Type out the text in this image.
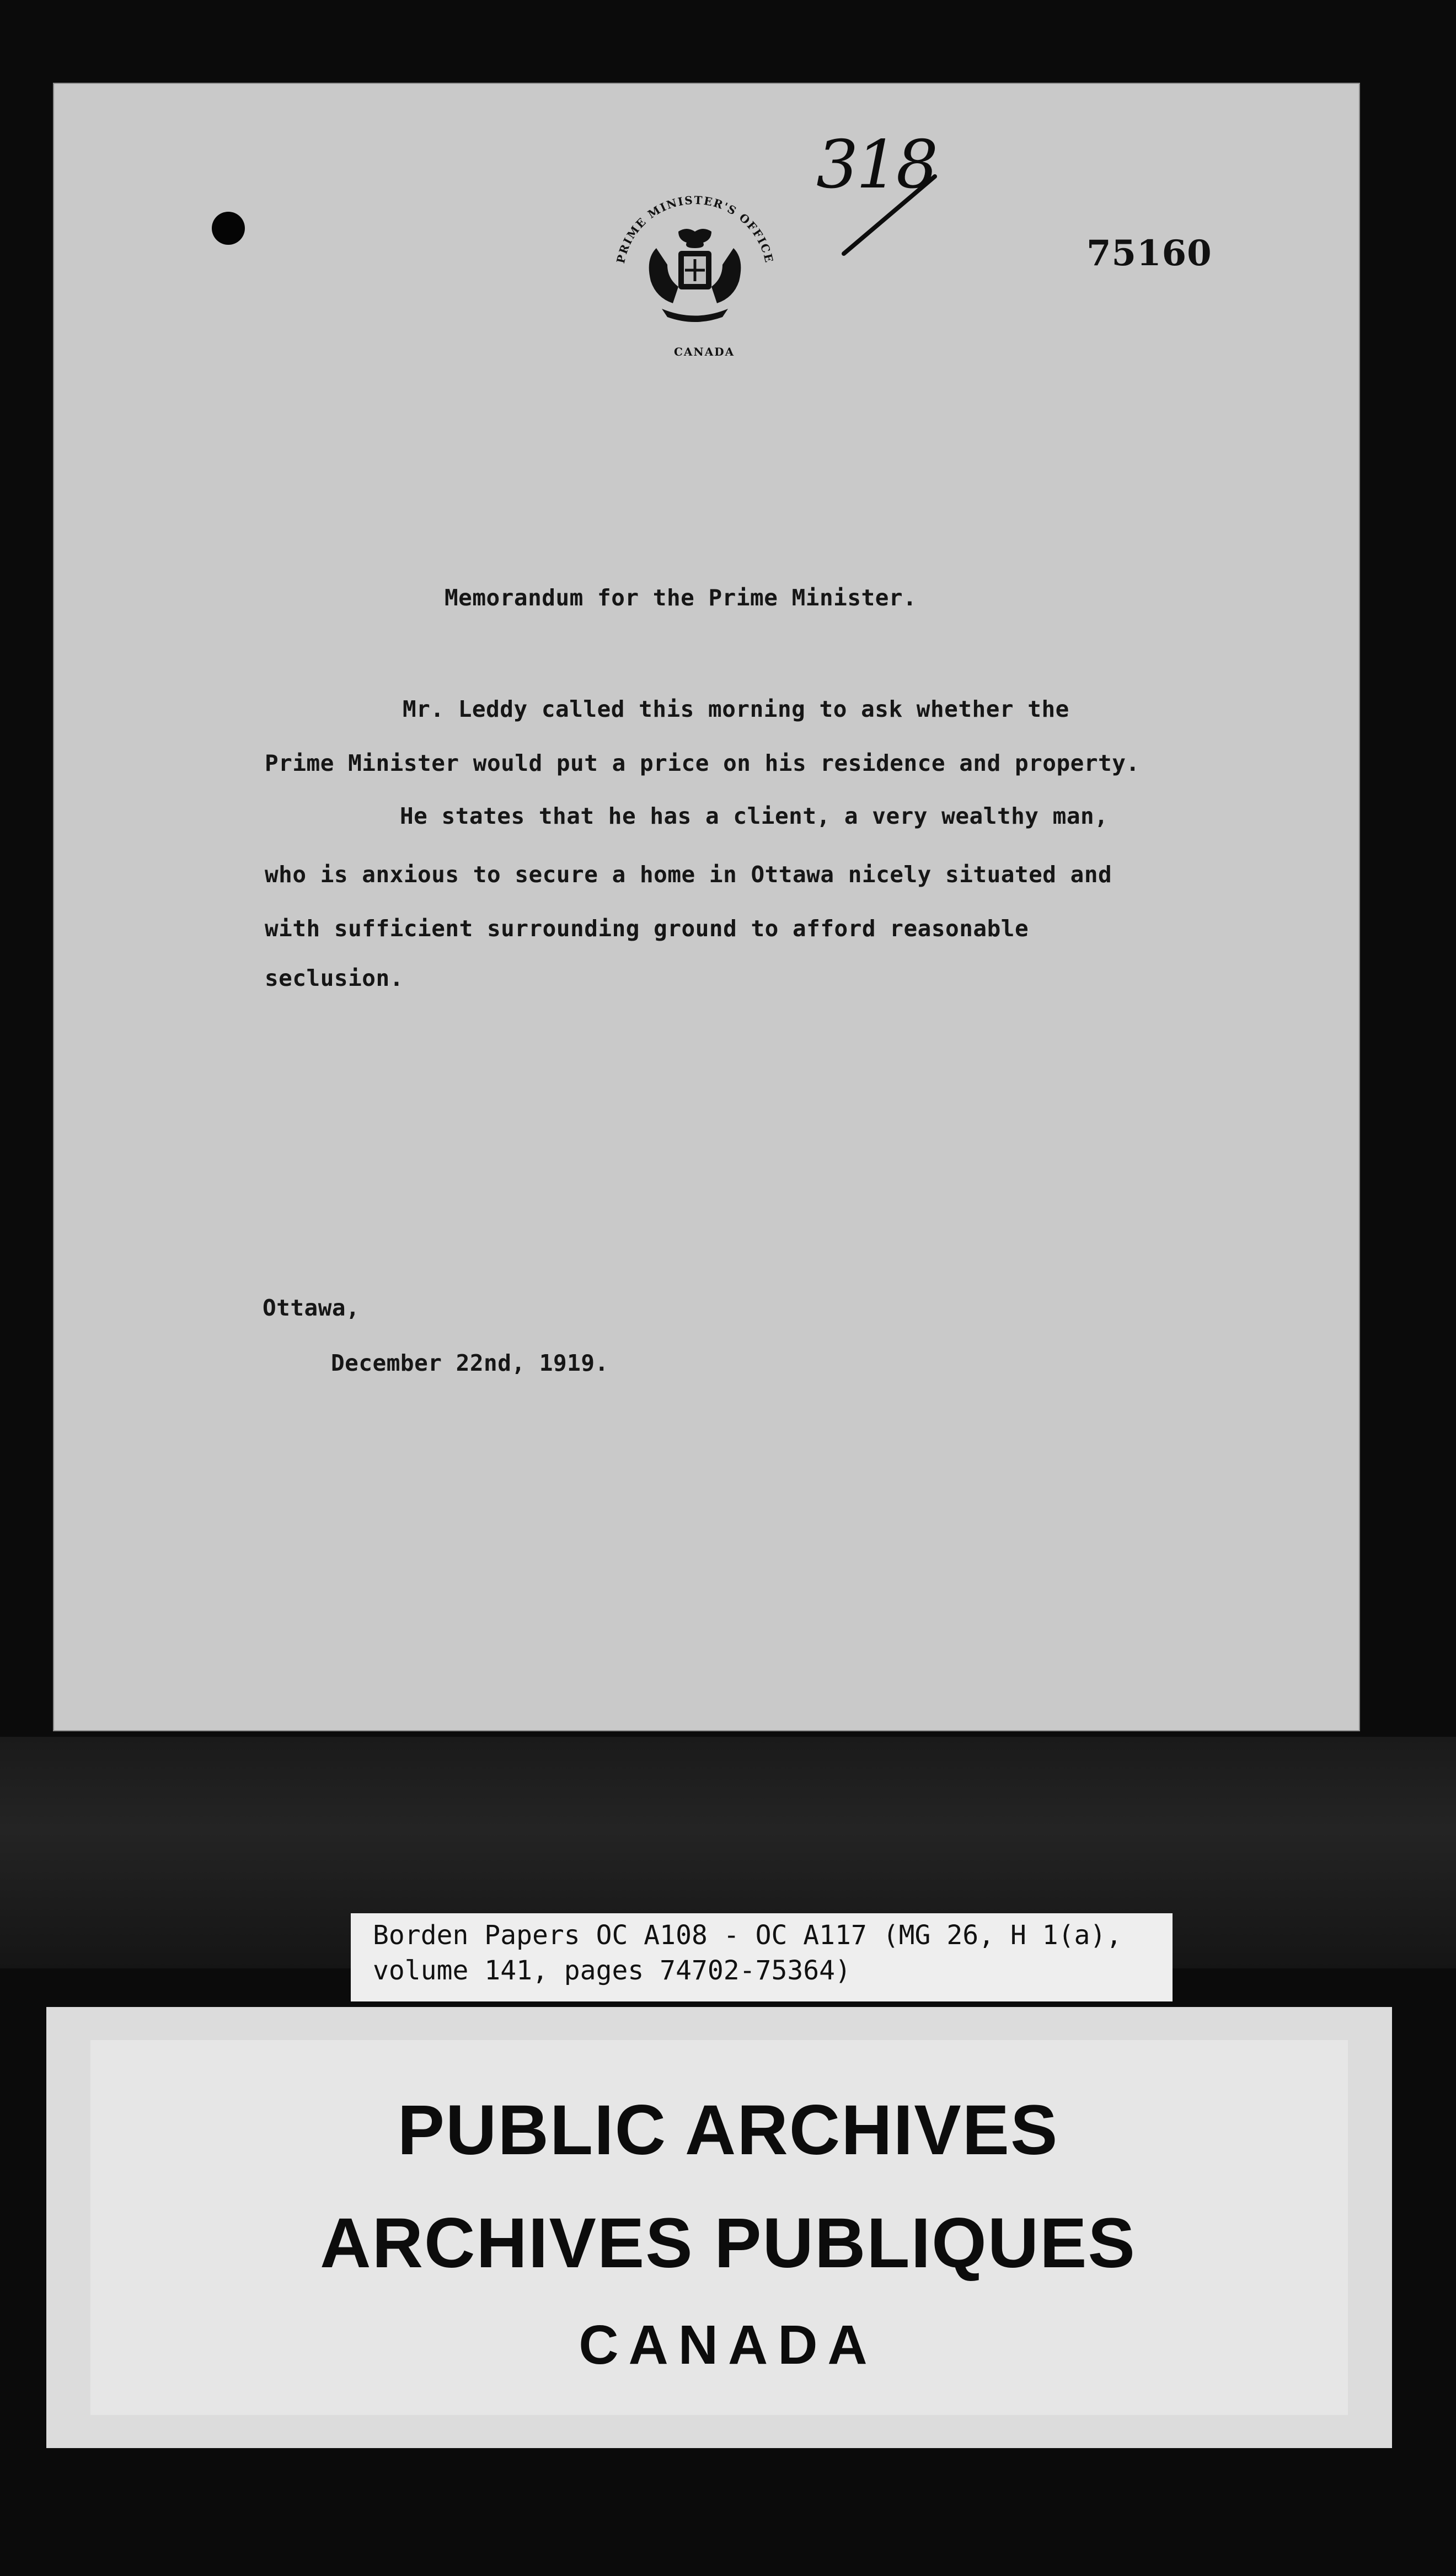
318
PRIME MINISTER'S OFFICE
CANADA
75160
Memorandum for the Prime Minister.
Mr. Leddy called this morning to ask whether the
Prime Minister would put a price on his residence and property.
He states that he has a client, a very wealthy man,
who is anxious to secure a home in Ottawa nicely situated and
with sufficient surrounding ground to afford reasonable
seclusion.
Ottawa,
December 22nd, 1919.
Borden Papers OC A108 - OC A117 (MG 26, H 1(a),
volume 141, pages 74702-75364)
PUBLIC ARCHIVES
ARCHIVES PUBLIQUES
CANADA
